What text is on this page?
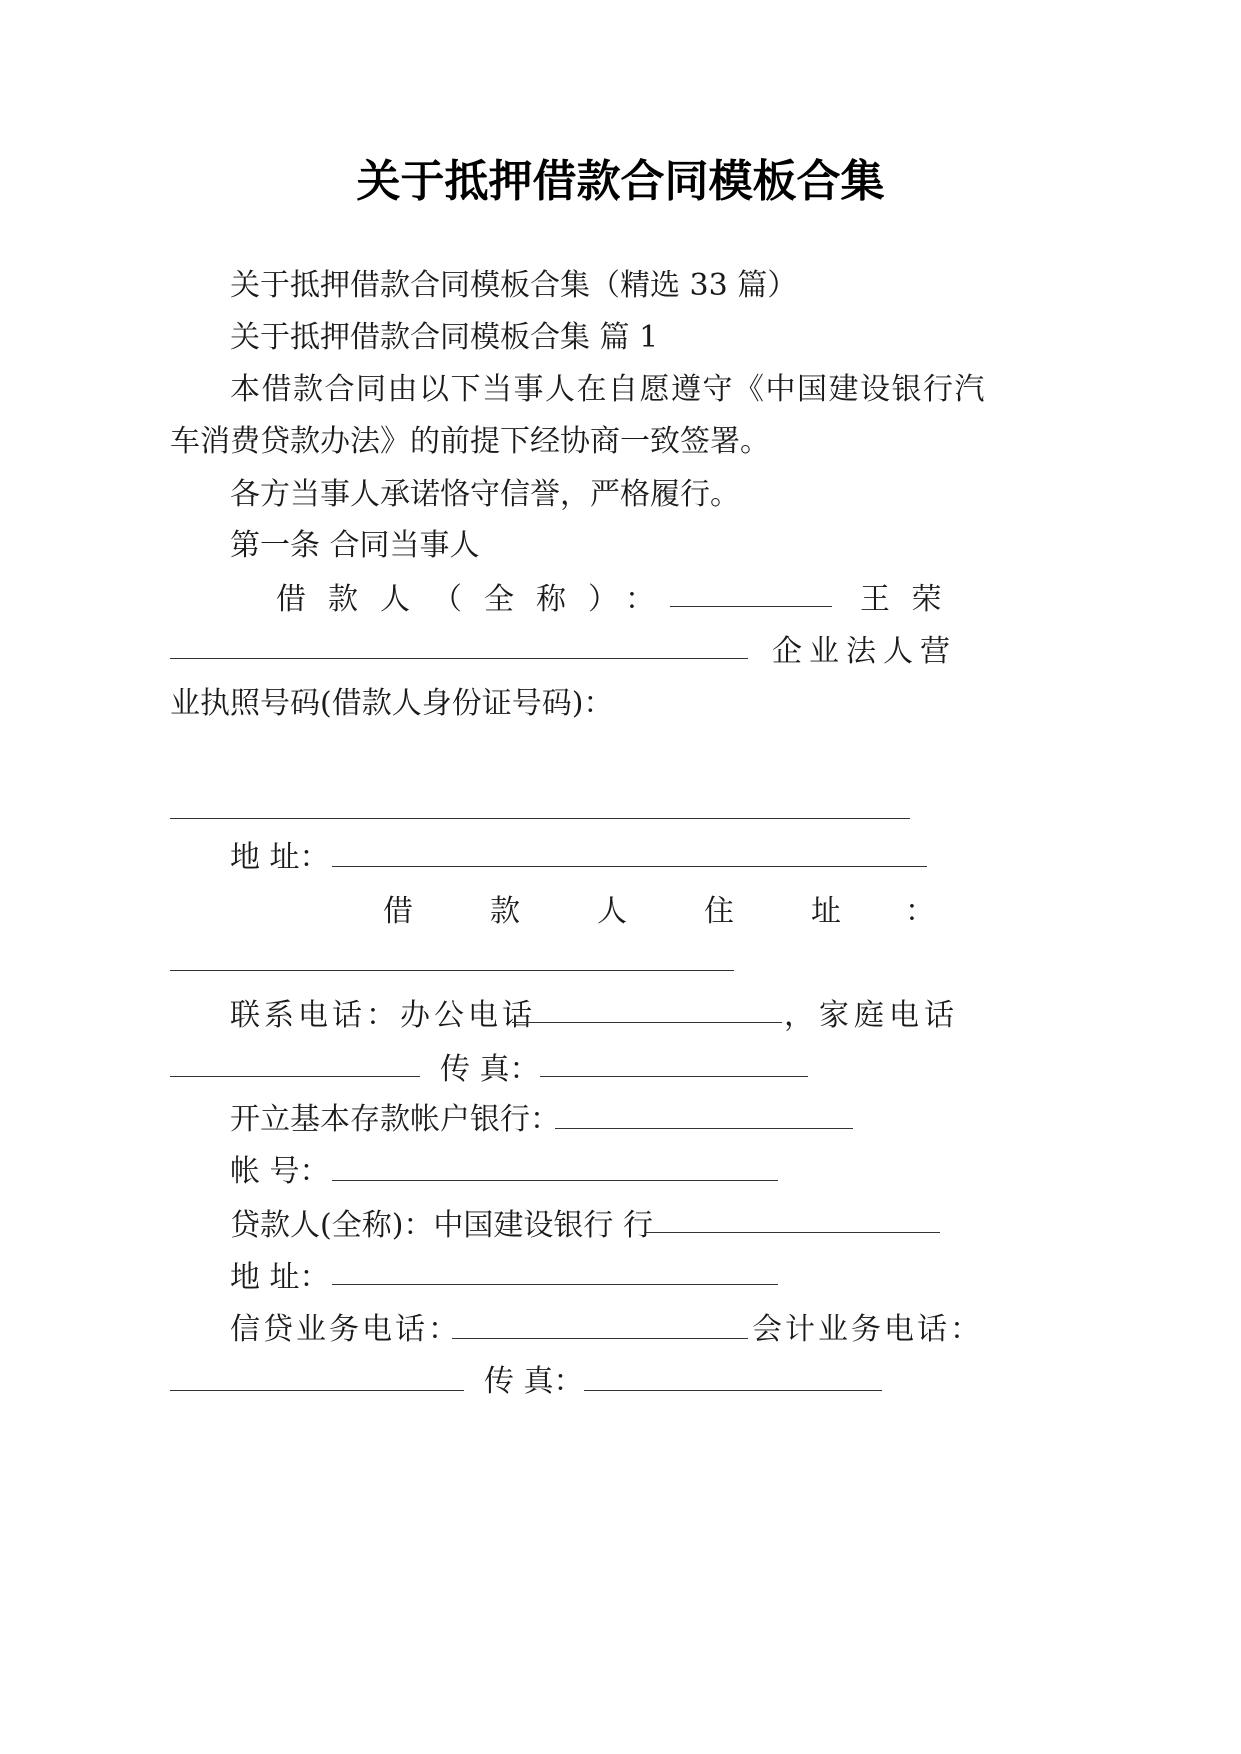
关于抵押借款合同模板合集
关于抵押借款合同模板合集（精选 33 篇）
关于抵押借款合同模板合集 篇 1
本借款合同由以下当事人在自愿遵守《中国建设银行汽
车消费贷款办法》的前提下经协商一致签署。
各方当事人承诺恪守信誉，严格履行。
第一条 合同当事人
借款人（全称）：	王 荣
企业法人营
业执照号码(借款人身份证号码)：
地 址：
借	款	人	住	址 ：
联系电话：办公电话	，家庭电话
传 真：
开立基本存款帐户银行：
帐 号：
贷款人(全称)：中国建设银行 行
地 址：
信贷业务电话：	会计业务电话：
传 真：
